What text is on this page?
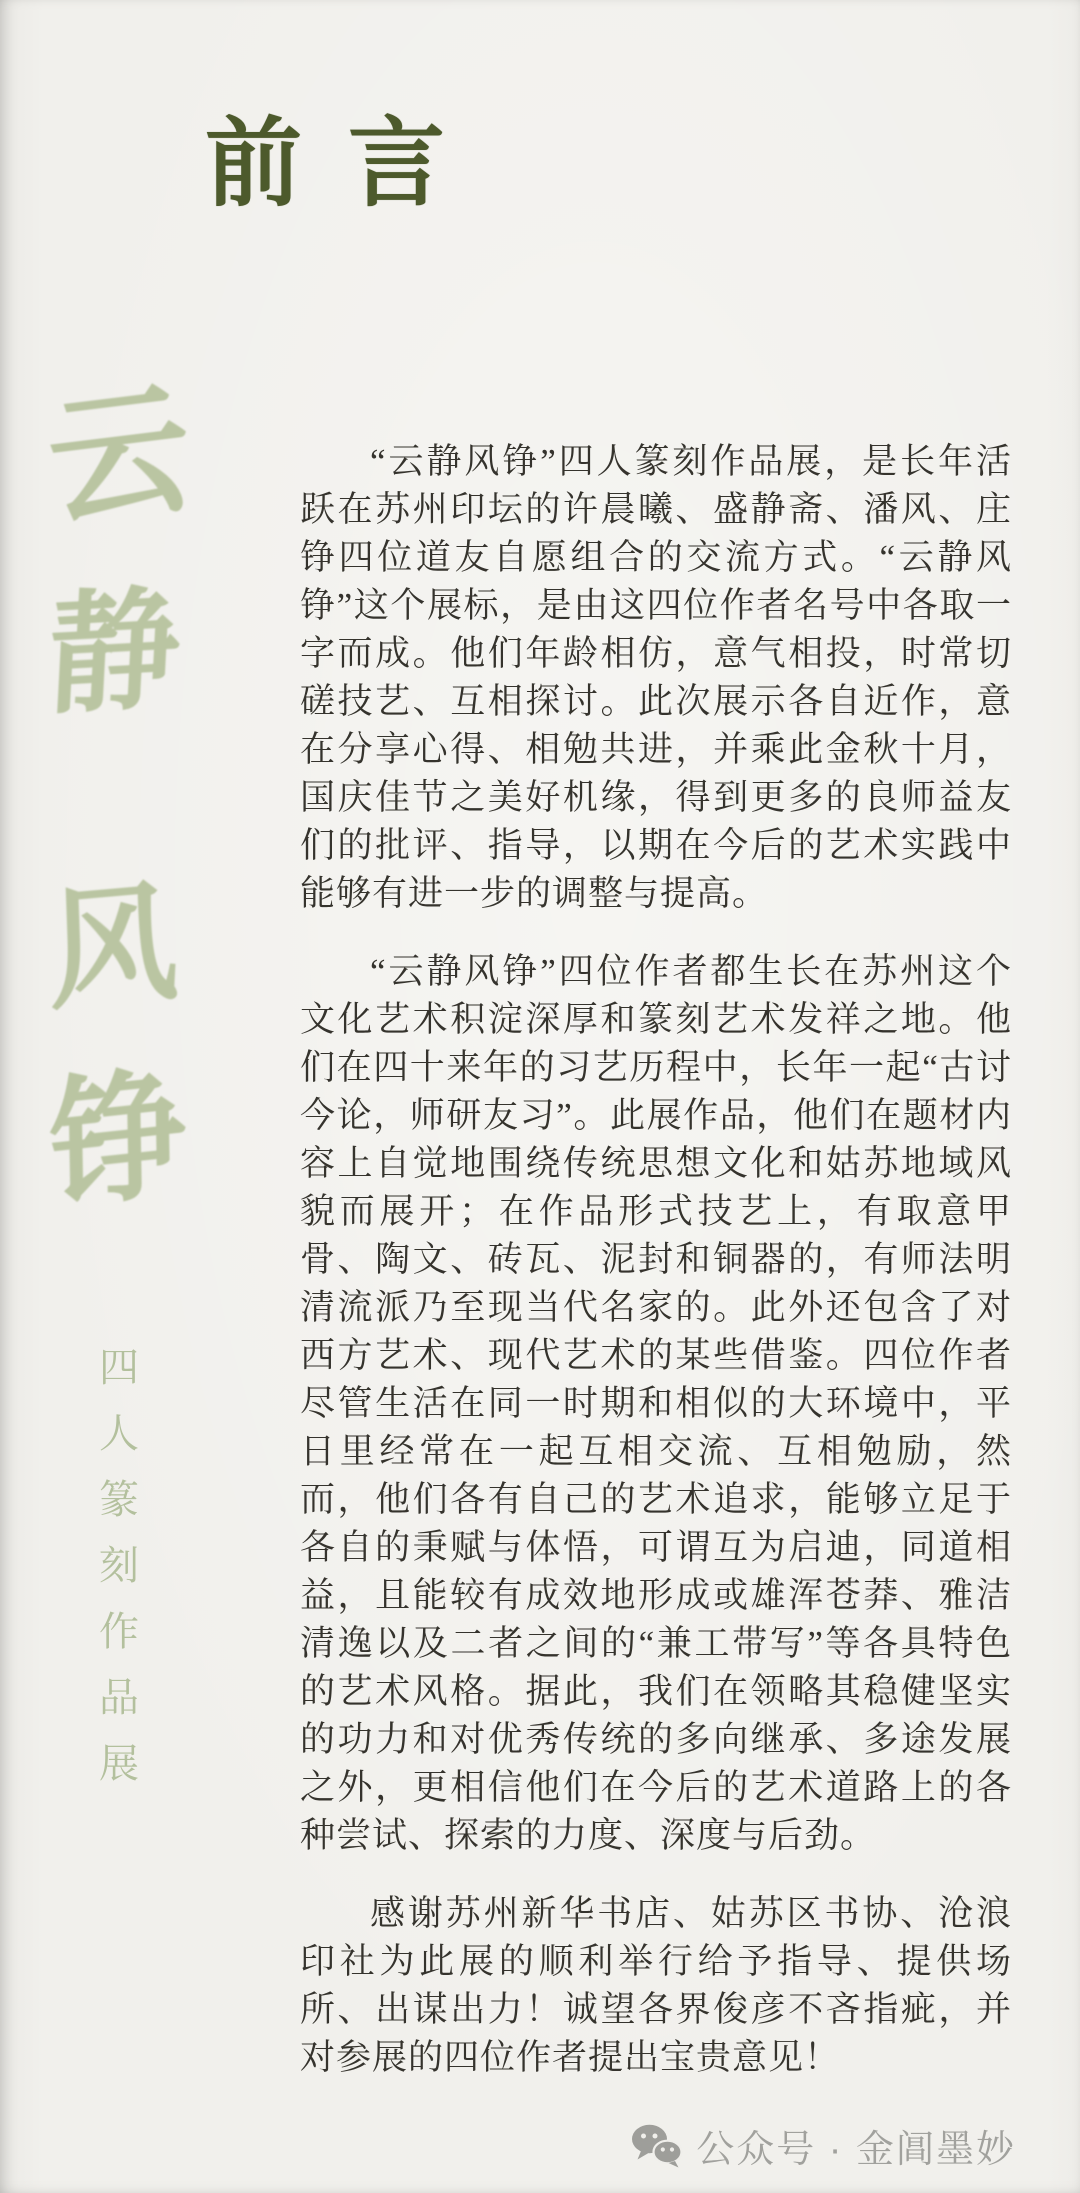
前言
云
静
风
铮
四
人
篆
刻
作
品
展

“云静风铮”四人篆刻作品展，是长年活跃在苏州印坛的许晨曦、盛静斋、潘风、庄铮四位道友自愿组合的交流方式。“云静风铮”这个展标，是由这四位作者名号中各取一字而成。他们年龄相仿，意气相投，时常切磋技艺、互相探讨。此次展示各自近作，意在分享心得、相勉共进，并乘此金秋十月，国庆佳节之美好机缘，得到更多的良师益友们的批评、指导，以期在今后的艺术实践中能够有进一步的调整与提高。

“云静风铮”四位作者都生长在苏州这个文化艺术积淀深厚和篆刻艺术发祥之地。他们在四十来年的习艺历程中，长年一起“古讨今论，师研友习”。此展作品，他们在题材内容上自觉地围绕传统思想文化和姑苏地域风貌而展开；在作品形式技艺上，有取意甲骨、陶文、砖瓦、泥封和铜器的，有师法明清流派乃至现当代名家的。此外还包含了对西方艺术、现代艺术的某些借鉴。四位作者尽管生活在同一时期和相似的大环境中，平日里经常在一起互相交流、互相勉励，然而，他们各有自己的艺术追求，能够立足于各自的秉赋与体悟，可谓互为启迪，同道相益，且能较有成效地形成或雄浑苍莽、雅洁清逸以及二者之间的“兼工带写”等各具特色的艺术风格。据此，我们在领略其稳健坚实的功力和对优秀传统的多向继承、多途发展之外，更相信他们在今后的艺术道路上的各种尝试、探索的力度、深度与后劲。

感谢苏州新华书店、姑苏区书协、沧浪印社为此展的顺利举行给予指导、提供场所、出谋出力！诚望各界俊彦不吝指疵，并对参展的四位作者提出宝贵意见！

公众号 · 金阊墨妙
